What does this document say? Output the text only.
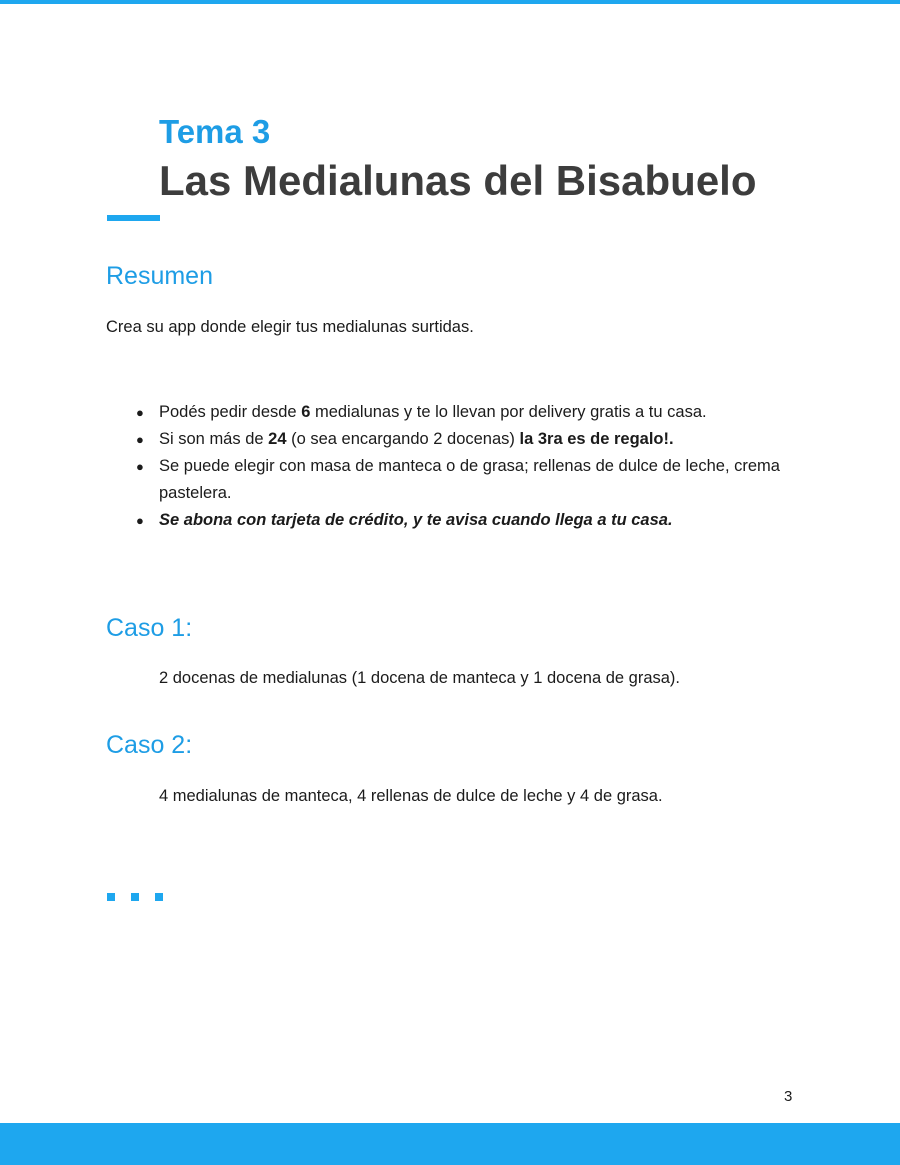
Tema 3
Las Medialunas del Bisabuelo
Resumen

Crea su app donde elegir tus medialunas surtidas.

● Podés pedir desde 6 medialunas y te lo llevan por delivery gratis a tu casa.
● Si son más de 24 (o sea encargando 2 docenas) la 3ra es de regalo!.
● Se puede elegir con masa de manteca o de grasa; rellenas de dulce de leche, crema pastelera.
● Se abona con tarjeta de crédito, y te avisa cuando llega a tu casa.
Caso 1:

2 docenas de medialunas (1 docena de manteca y 1 docena de grasa).

Caso 2:

4 medialunas de manteca, 4 rellenas de dulce de leche y 4 de grasa.

3
